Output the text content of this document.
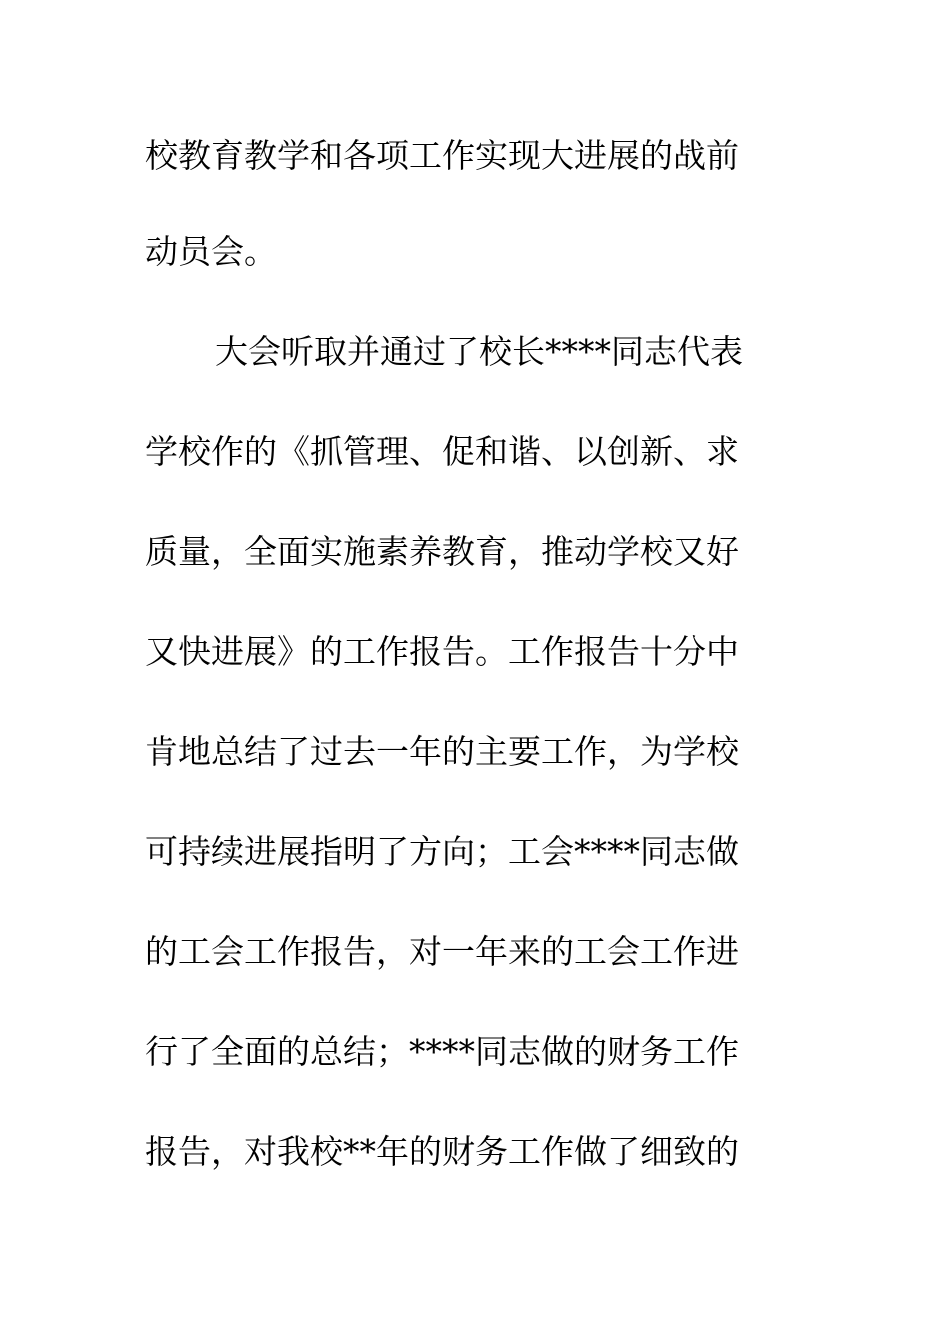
校教育教学和各项工作实现大进展的战前
动员会。
大会听取并通过了校长****同志代表
学校作的《抓管理、促和谐、以创新、求
质量，全面实施素养教育，推动学校又好
又快进展》的工作报告。工作报告十分中
肯地总结了过去一年的主要工作，为学校
可持续进展指明了方向；工会****同志做
的工会工作报告，对一年来的工会工作进
行了全面的总结；****同志做的财务工作
报告，对我校**年的财务工作做了细致的
